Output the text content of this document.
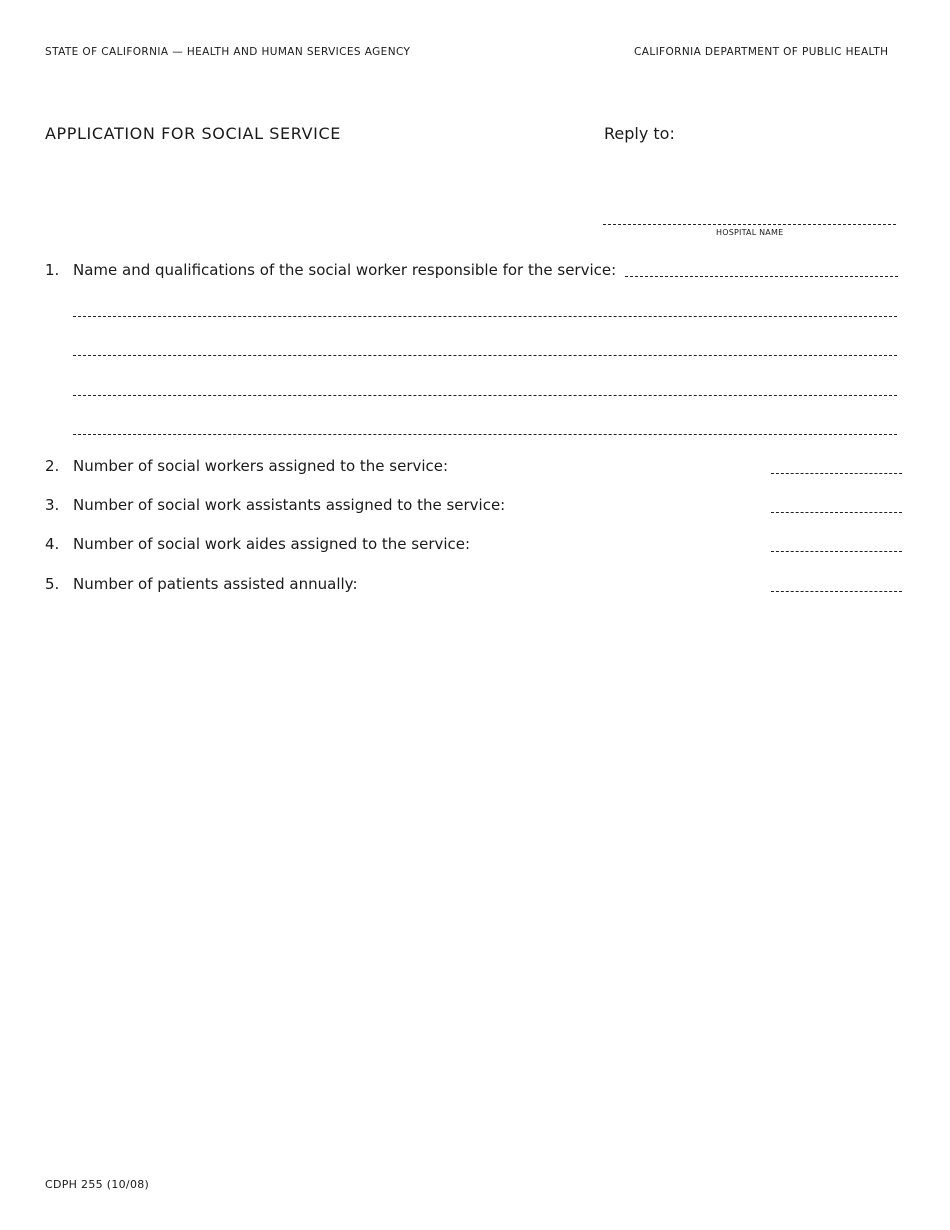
STATE OF CALIFORNIA — HEALTH AND HUMAN SERVICES AGENCY	CALIFORNIA DEPARTMENT OF PUBLIC HEALTH
APPLICATION FOR SOCIAL SERVICE	Reply to:
HOSPITAL NAME
1. Name and qualifications of the social worker responsible for the service:
2. Number of social workers assigned to the service:
3. Number of social work assistants assigned to the service:
4. Number of social work aides assigned to the service:
5. Number of patients assisted annually:
CDPH 255 (10/08)
